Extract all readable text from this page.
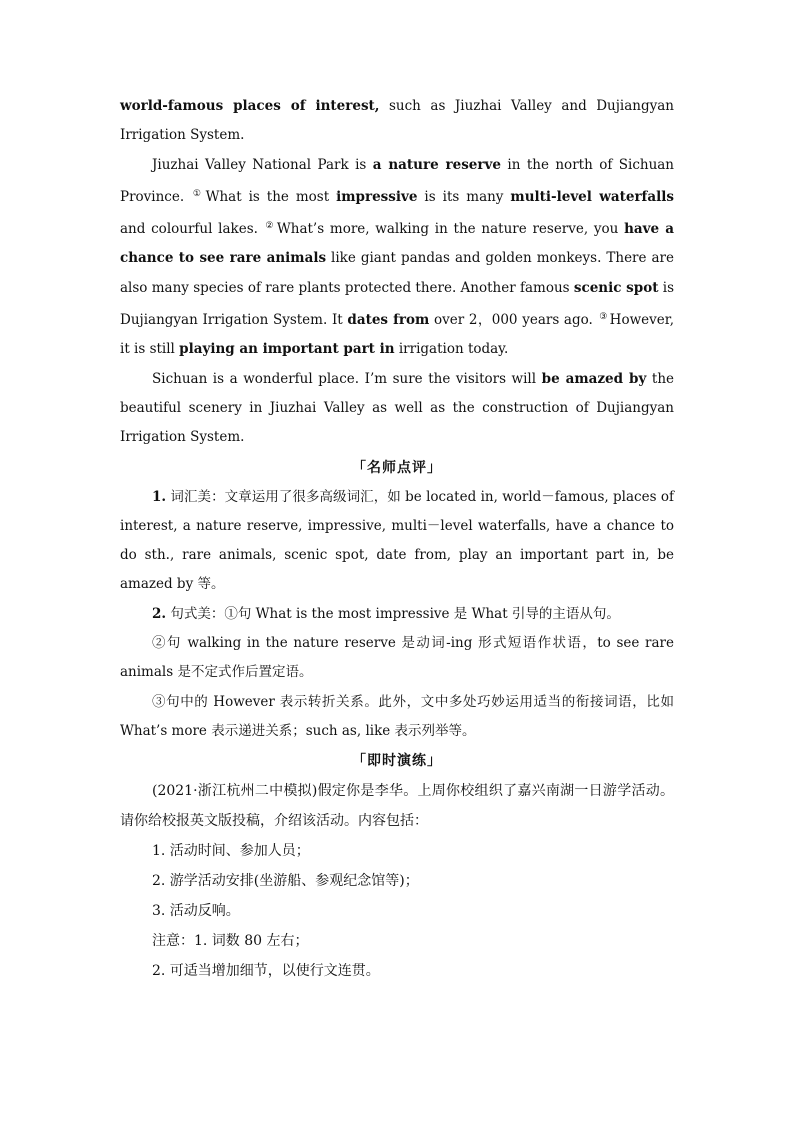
world-famous places of interest, such as Jiuzhai Valley and Dujiangyan Irrigation System.

Jiuzhai Valley National Park is a nature reserve in the north of Sichuan Province. ① What is the most impressive is its many multi-level waterfalls and colourful lakes. ② What’s more, walking in the nature reserve, you have a chance to see rare animals like giant pandas and golden monkeys. There are also many species of rare plants protected there. Another famous scenic spot is Dujiangyan Irrigation System. It dates from over 2，000 years ago. ③ However, it is still playing an important part in irrigation today.

Sichuan is a wonderful place. I’m sure the visitors will be amazed by the beautiful scenery in Jiuzhai Valley as well as the construction of Dujiangyan Irrigation System.

「名师点评」

1. 词汇美：文章运用了很多高级词汇，如 be located in, world－famous, places of interest, a nature reserve, impressive, multi－level waterfalls, have a chance to do sth., rare animals, scenic spot, date from, play an important part in, be amazed by 等。

2. 句式美：①句 What is the most impressive 是 What 引导的主语从句。

②句 walking in the nature reserve 是动词-ing 形式短语作状语，to see rare animals 是不定式作后置定语。

③句中的 However 表示转折关系。此外，文中多处巧妙运用适当的衔接词语，比如 What’s more 表示递进关系；such as, like 表示列举等。

「即时演练」

(2021·浙江杭州二中模拟)假定你是李华。上周你校组织了嘉兴南湖一日游学活动。请你给校报英文版投稿，介绍该活动。内容包括：

1. 活动时间、参加人员；

2. 游学活动安排(坐游船、参观纪念馆等)；

3. 活动反响。

注意：1. 词数 80 左右；

2. 可适当增加细节，以使行文连贯。
